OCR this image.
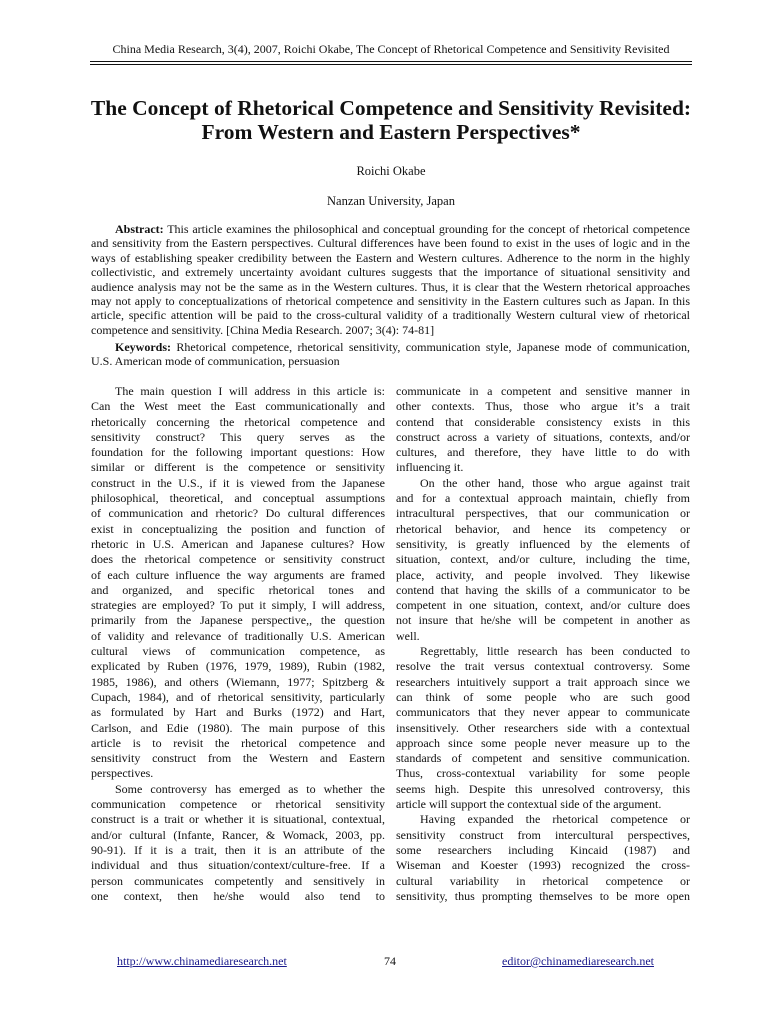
China Media Research, 3(4), 2007, Roichi Okabe, The Concept of Rhetorical Competence and Sensitivity Revisited
The Concept of Rhetorical Competence and Sensitivity Revisited:
From Western and Eastern Perspectives*
Roichi Okabe
Nanzan University, Japan

Abstract: This article examines the philosophical and conceptual grounding for the concept of rhetorical competence and sensitivity from the Eastern perspectives. Cultural differences have been found to exist in the uses of logic and in the ways of establishing speaker credibility between the Eastern and Western cultures. Adherence to the norm in the highly collectivistic, and extremely uncertainty avoidant cultures suggests that the importance of situational sensitivity and audience analysis may not be the same as in the Western cultures. Thus, it is clear that the Western rhetorical approaches may not apply to conceptualizations of rhetorical competence and sensitivity in the Eastern cultures such as Japan. In this article, specific attention will be paid to the cross-cultural validity of a traditionally Western cultural view of rhetorical competence and sensitivity. [China Media Research. 2007; 3(4): 74-81]

Keywords: Rhetorical competence, rhetorical sensitivity, communication style, Japanese mode of communication, U.S. American mode of communication, persuasion

The main question I will address in this article is:
Can the West meet the East communicationally and
rhetorically concerning the rhetorical competence and
sensitivity construct? This query serves as the
foundation for the following important questions: How
similar or different is the competence or sensitivity
construct in the U.S., if it is viewed from the Japanese
philosophical, theoretical, and conceptual assumptions
of communication and rhetoric? Do cultural differences
exist in conceptualizing the position and function of
rhetoric in U.S. American and Japanese cultures? How
does the rhetorical competence or sensitivity construct
of each culture influence the way arguments are framed
and organized, and specific rhetorical tones and
strategies are employed? To put it simply, I will address,
primarily from the Japanese perspective,, the question
of validity and relevance of traditionally U.S. American
cultural views of communication competence, as
explicated by Ruben (1976, 1979, 1989), Rubin (1982,
1985, 1986), and others (Wiemann, 1977; Spitzberg &
Cupach, 1984), and of rhetorical sensitivity, particularly
as formulated by Hart and Burks (1972) and Hart,
Carlson, and Edie (1980). The main purpose of this
article is to revisit the rhetorical competence and
sensitivity construct from the Western and Eastern
perspectives.
Some controversy has emerged as to whether the
communication competence or rhetorical sensitivity
construct is a trait or whether it is situational, contextual,
and/or cultural (Infante, Rancer, & Womack, 2003, pp.
90-91). If it is a trait, then it is an attribute of the
individual and thus situation/context/culture-free. If a
person communicates competently and sensitively in
one context, then he/she would also tend to
communicate in a competent and sensitive manner in
other contexts. Thus, those who argue it’s a trait
contend that considerable consistency exists in this
construct across a variety of situations, contexts, and/or
cultures, and therefore, they have little to do with
influencing it.
On the other hand, those who argue against trait
and for a contextual approach maintain, chiefly from
intracultural perspectives, that our communication or
rhetorical behavior, and hence its competency or
sensitivity, is greatly influenced by the elements of
situation, context, and/or culture, including the time,
place, activity, and people involved. They likewise
contend that having the skills of a communicator to be
competent in one situation, context, and/or culture does
not insure that he/she will be competent in another as
well.
Regrettably, little research has been conducted to
resolve the trait versus contextual controversy. Some
researchers intuitively support a trait approach since we
can think of some people who are such good
communicators that they never appear to communicate
insensitively. Other researchers side with a contextual
approach since some people never measure up to the
standards of competent and sensitive communication.
Thus, cross-contextual variability for some people
seems high. Despite this unresolved controversy, this
article will support the contextual side of the argument.
Having expanded the rhetorical competence or
sensitivity construct from intercultural perspectives,
some researchers including Kincaid (1987) and
Wiseman and Koester (1993) recognized the cross-
cultural variability in rhetorical competence or
sensitivity, thus prompting themselves to be more open
http://www.chinamediaresearch.net	74	editor@chinamediaresearch.net
